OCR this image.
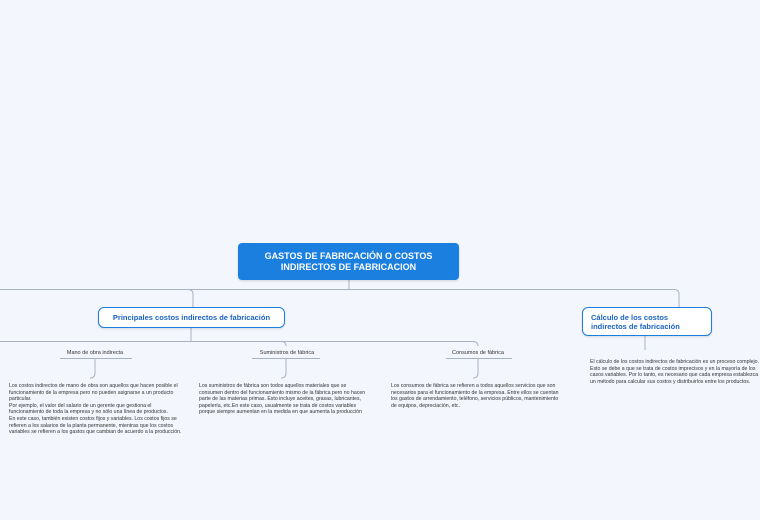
GASTOS DE FABRICACIÓN O COSTOS INDIRECTOS DE FABRICACION
Principales costos indirectos de fabricación	Cálculo de los costos indirectos de fabricación
Mano de obra indirecta	Suministros de fábrica	Consumos de fábrica
Los costos indirectos de mano de obra son aquellos que hacen posible el funcionamiento de la empresa pero no pueden asignarse a un producto particular.
Por ejemplo, el valor del salario de un gerente que gestiona el funcionamiento de toda la empresa y no sólo una línea de productos.
En este caso, también existen costos fijos y variables. Los costos fijos se refieren a los salarios de la planta permanente, mientras que los costos variables se refieren a los gastos que cambian de acuerdo a la producción.
Los suministros de fábrica son todos aquellos materiales que se consumen dentro del funcionamiento mismo de la fábrica pero no hacen parte de las materias primas. Esto incluye aceites, grasas, lubricantes, papelería, etc.En este caso, usualmente se trata de costos variables porque siempre aumentan en la medida en que aumenta la producción
Los consumos de fábrica se refieren a todos aquellos servicios que son necesarios para el funcionamiento de la empresa. Entre ellos se cuentan los gastos de arrendamiento, teléfono, servicios públicos, mantenimiento de equipos, depreciación, etc.
El cálculo de los costos indirectos de fabricación es un proceso complejo. Esto se debe a que se trata de costos imprecisos y en la mayoría de los casos variables. Por lo tanto, es necesario que cada empresa establezca un método para calcular sus costos y distribuirlos entre los productos.
